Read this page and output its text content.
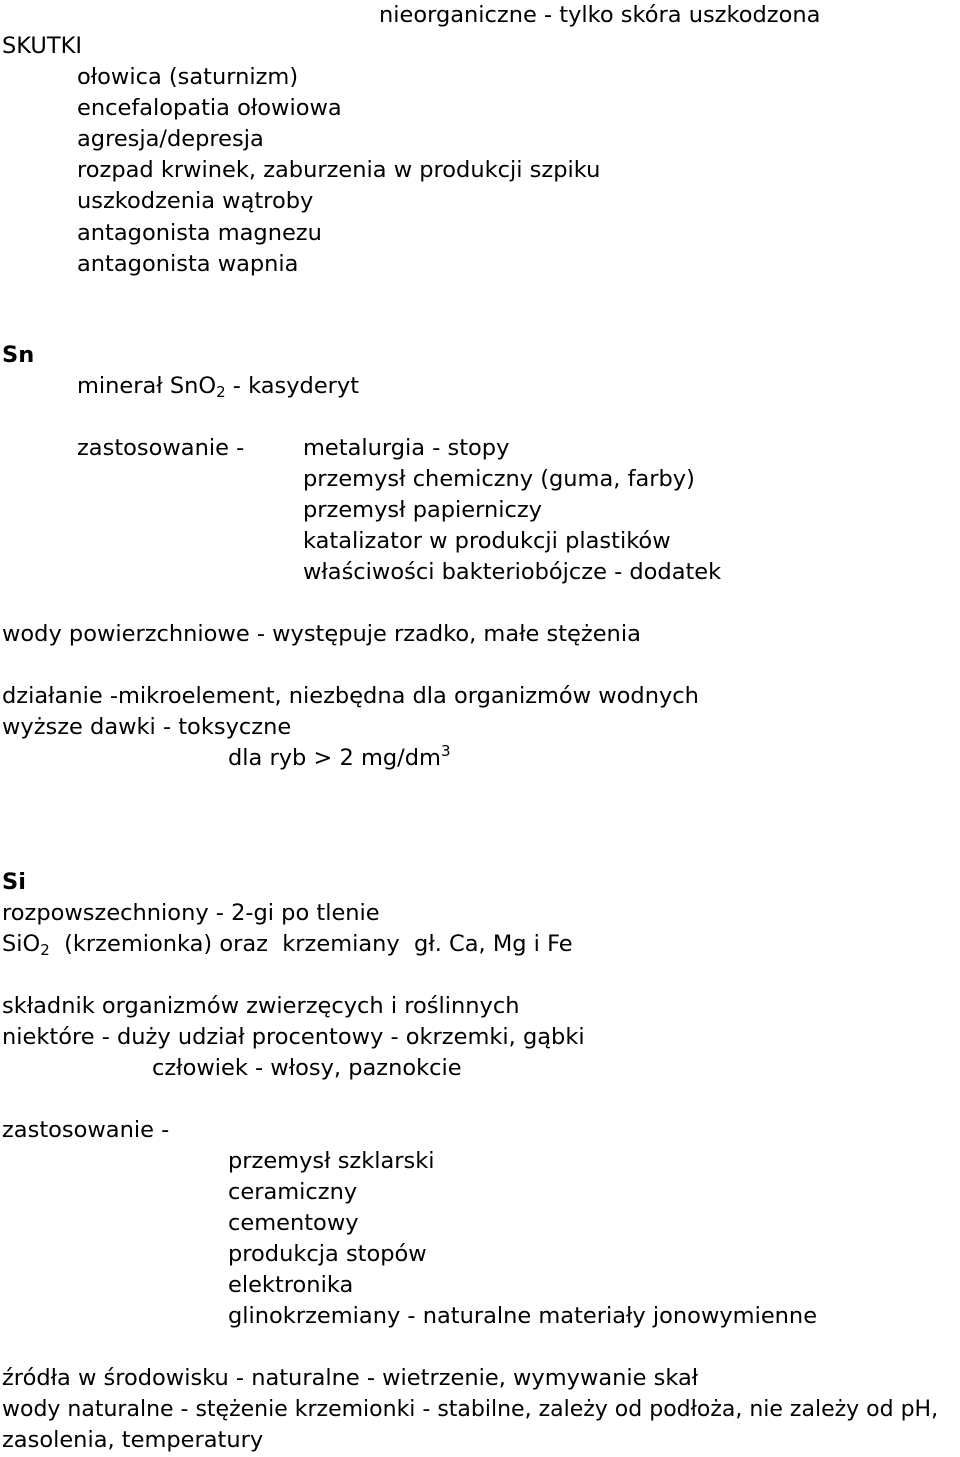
nieorganiczne - tylko skóra uszkodzona

SKUTKI

ołowica (saturnizm)

encefalopatia ołowiowa

agresja/depresja

rozpad krwinek, zaburzenia w produkcji szpiku

uszkodzenia wątroby

antagonista magnezu

antagonista wapnia

Sn

minerał SnO$_2$ - kasyderyt

zastosowanie -	metalurgia - stopy

przemysł chemiczny (guma, farby)

przemysł papierniczy

katalizator w produkcji plastików

właściwości bakteriobójcze - dodatek

wody powierzchniowe - występuje rzadko, małe stężenia

działanie -mikroelement, niezbędna dla organizmów wodnych

wyższe dawki - toksyczne

dla ryb > 2 $mg/dm^3$

Si

rozpowszechniony - 2-gi po tlenie

SiO$_2$  (krzemionka) oraz  krzemiany  gł. Ca, Mg i Fe

składnik organizmów zwierzęcych i roślinnych

niektóre - duży udział procentowy - okrzemki, gąbki

człowiek - włosy, paznokcie

zastosowanie -

przemysł szklarski

ceramiczny

cementowy

produkcja stopów

elektronika

glinokrzemiany - naturalne materiały jonowymienne

źródła w środowisku - naturalne - wietrzenie, wymywanie skał

wody naturalne - stężenie krzemionki - stabilne, zależy od podłoża, nie zależy od pH,

zasolenia, temperatury
